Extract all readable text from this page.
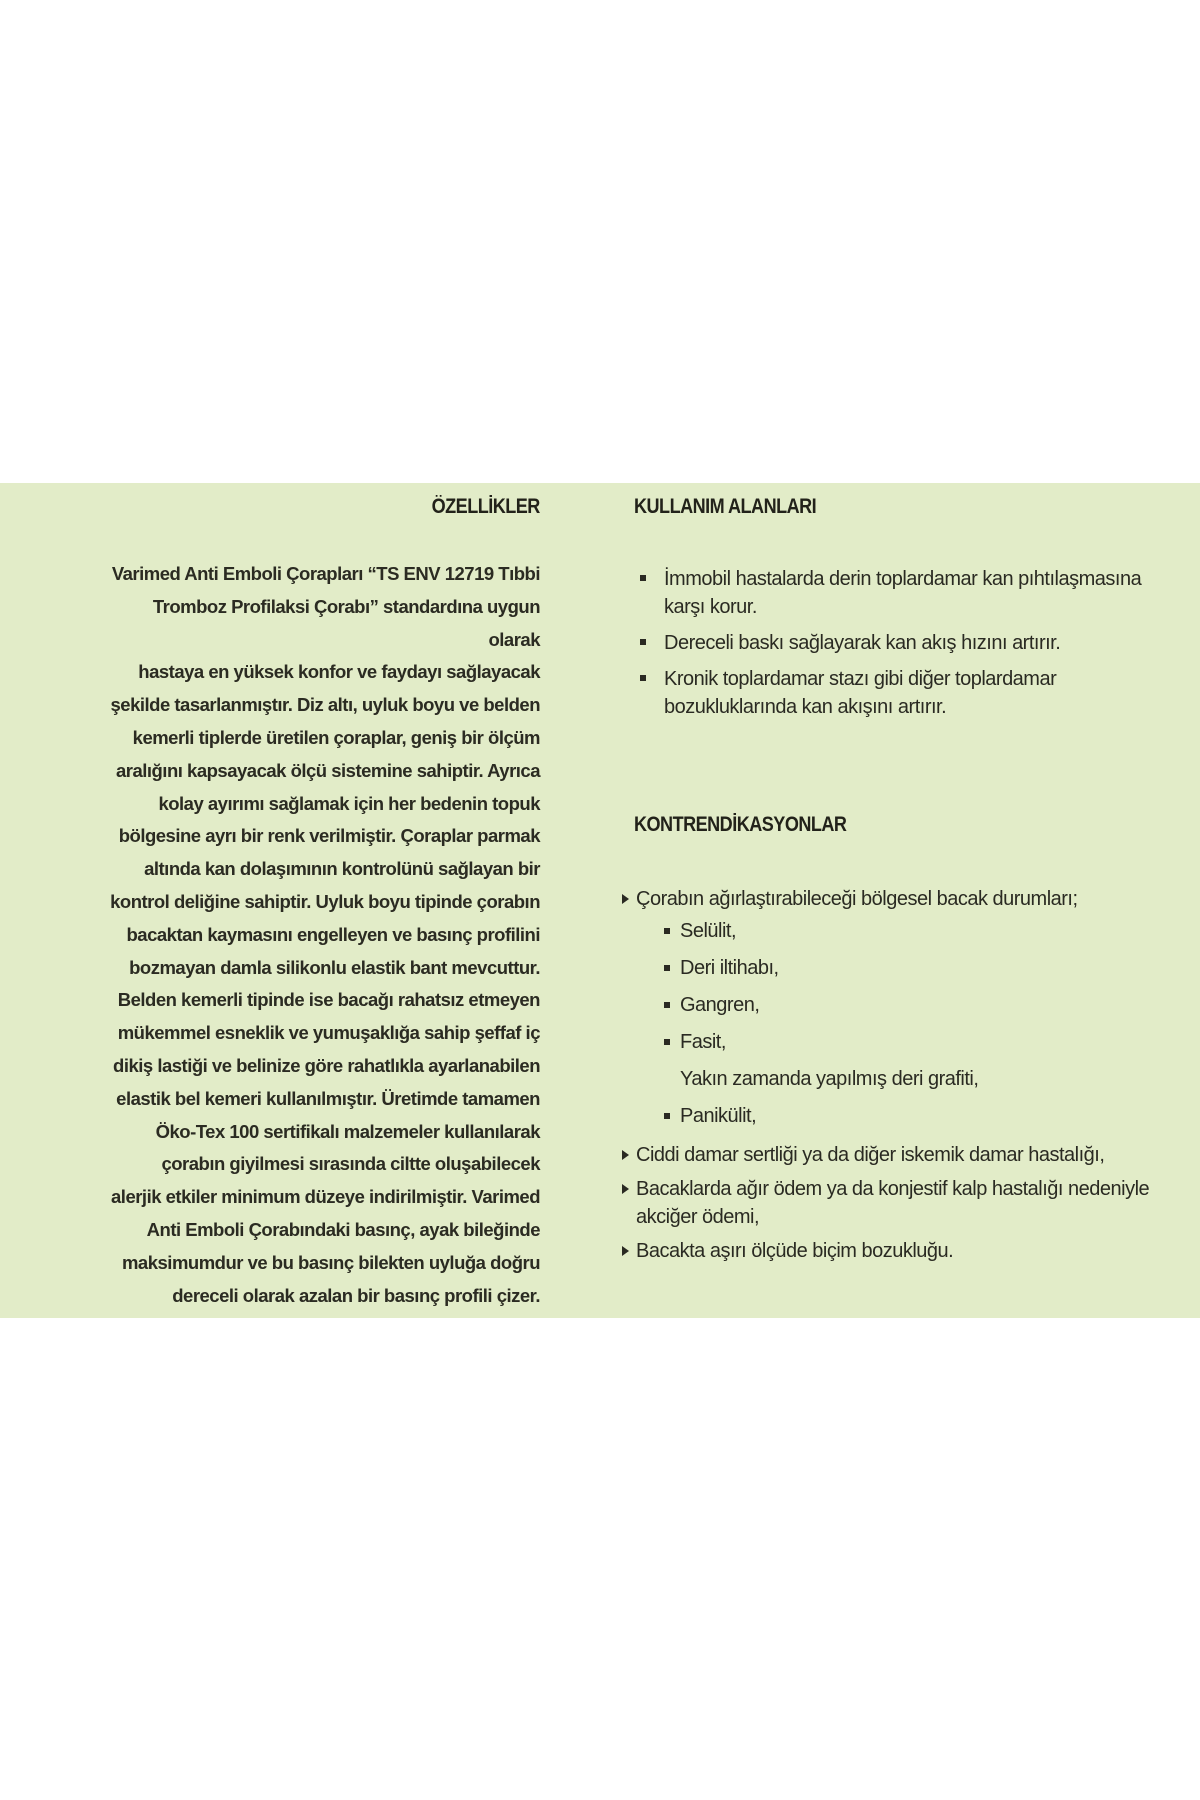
ÖZELLİKLER

Varimed Anti Emboli Çorapları “TS ENV 12719 Tıbbi
Tromboz Profilaksi Çorabı” standardına uygun olarak
hastaya en yüksek konfor ve faydayı sağlayacak
şekilde tasarlanmıştır. Diz altı, uyluk boyu ve belden
kemerli tiplerde üretilen çoraplar, geniş bir ölçüm
aralığını kapsayacak ölçü sistemine sahiptir. Ayrıca
kolay ayırımı sağlamak için her bedenin topuk
bölgesine ayrı bir renk verilmiştir. Çoraplar parmak
altında kan dolaşımının kontrolünü sağlayan bir
kontrol deliğine sahiptir. Uyluk boyu tipinde çorabın
bacaktan kaymasını engelleyen ve basınç profilini
bozmayan damla silikonlu elastik bant mevcuttur.
Belden kemerli tipinde ise bacağı rahatsız etmeyen
mükemmel esneklik ve yumuşaklığa sahip şeffaf iç
dikiş lastiği ve belinize göre rahatlıkla ayarlanabilen
elastik bel kemeri kullanılmıştır. Üretimde tamamen
Öko-Tex 100 sertifikalı malzemeler kullanılarak
çorabın giyilmesi sırasında ciltte oluşabilecek
alerjik etkiler minimum düzeye indirilmiştir. Varimed
Anti Emboli Çorabındaki basınç, ayak bileğinde
maksimumdur ve bu basınç bilekten uyluğa doğru
dereceli olarak azalan bir basınç profili çizer.

KULLANIM ALANLARI
İmmobil hastalarda derin toplardamar kan pıhtılaşmasına karşı korur.
Dereceli baskı sağlayarak kan akış hızını artırır.
Kronik toplardamar stazı gibi diğer toplardamar bozukluklarında kan akışını artırır.
KONTRENDİKASYONLAR
Çorabın ağırlaştırabileceği bölgesel bacak durumları;
Selülit,
Deri iltihabı,
Gangren,
Fasit,
Yakın zamanda yapılmış deri grafiti,
Panikülit,
Ciddi damar sertliği ya da diğer iskemik damar hastalığı,
Bacaklarda ağır ödem ya da konjestif kalp hastalığı nedeniyle akciğer ödemi,
Bacakta aşırı ölçüde biçim bozukluğu.
